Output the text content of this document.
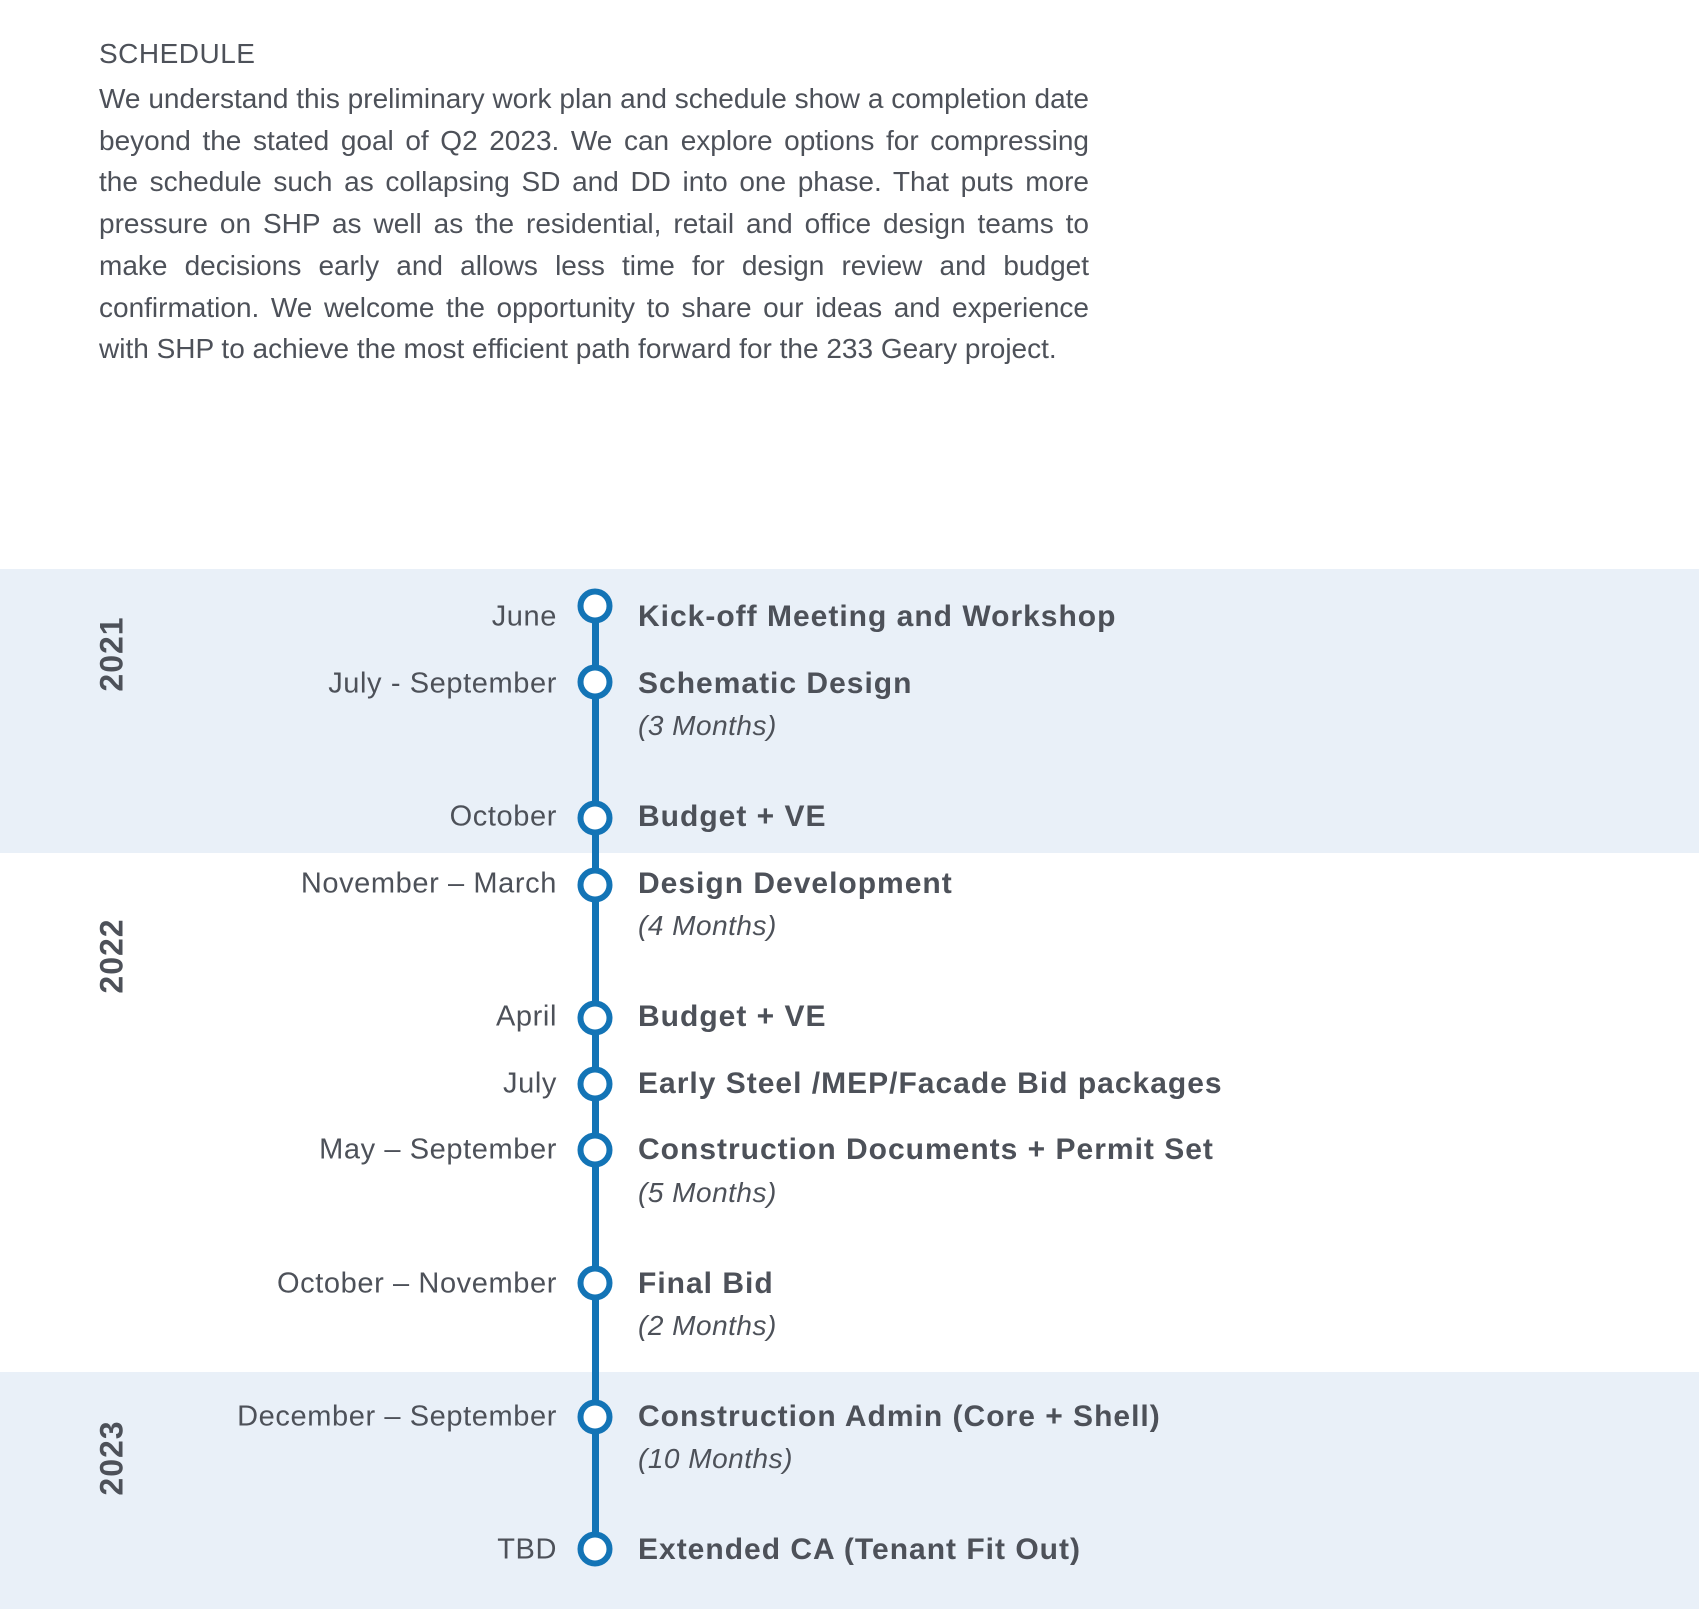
SCHEDULE

We understand this preliminary work plan and schedule show a completion date beyond the stated goal of Q2 2023. We can explore options for compressing the schedule such as collapsing SD and DD into one phase. That puts more pressure on SHP as well as the residential, retail and office design teams to make decisions early and allows less time for design review and budget confirmation. We welcome the opportunity to share our ideas and experience with SHP to achieve the most efficient path forward for the 233 Geary project.

2021
2022
2023
June	Kick-off Meeting and Workshop
July - September	Schematic Design
(3 Months)
October	Budget + VE
November – March	Design Development
(4 Months)
April	Budget + VE
July	Early Steel /MEP/Facade Bid packages
May – September	Construction Documents + Permit Set
(5 Months)
October – November	Final Bid
(2 Months)
December – September	Construction Admin (Core + Shell)
(10 Months)
TBD	Extended CA (Tenant Fit Out)
